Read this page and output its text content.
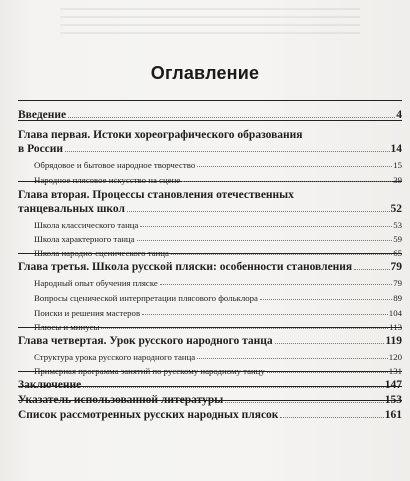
Оглавление
Введение	4
Глава первая. Истоки хореографического образования
в России	14
Обрядовое и бытовое народное творчество	15
Народное плясовое искусство на сцене	39
Глава вторая. Процессы становления отечественных
танцевальных школ	52
Школа классического танца	53
Школа характерного танца	59
Школа народно-сценического танца	65
Глава третья. Школа русской пляски: особенности становления	79
Народный опыт обучения пляске	79
Вопросы сценической интерпретации плясового фольклора	89
Поиски и решения мастеров	104
Плюсы и минусы	113
Глава четвертая. Урок русского народного танца	119
Структура урока русского народного танца	120
Примерная программа занятий по русскому народному танцу	131
Заключение	147
Указатель использованной литературы	153
Список рассмотренных русских народных плясок	161
